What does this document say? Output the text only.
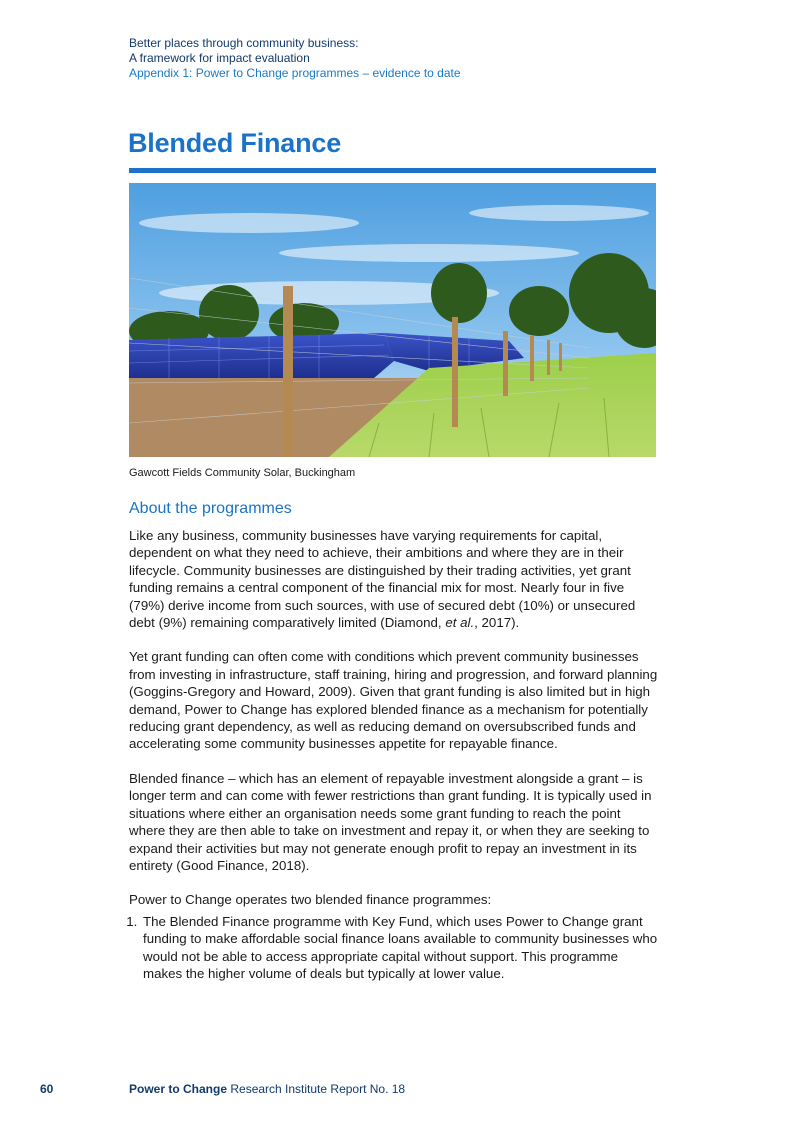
Better places through community business:
A framework for impact evaluation
Appendix 1: Power to Change programmes – evidence to date
Blended Finance
Gawcott Fields Community Solar, Buckingham
About the programmes

Like any business, community businesses have varying requirements for capital, dependent on what they need to achieve, their ambitions and where they are in their lifecycle. Community businesses are distinguished by their trading activities, yet grant funding remains a central component of the financial mix for most. Nearly four in five (79%) derive income from such sources, with use of secured debt (10%) or unsecured debt (9%) remaining comparatively limited (Diamond, et al., 2017).

Yet grant funding can often come with conditions which prevent community businesses from investing in infrastructure, staff training, hiring and progression, and forward planning (Goggins-Gregory and Howard, 2009). Given that grant funding is also limited but in high demand, Power to Change has explored blended finance as a mechanism for potentially reducing grant dependency, as well as reducing demand on oversubscribed funds and accelerating some community businesses appetite for repayable finance.

Blended finance – which has an element of repayable investment alongside a grant – is longer term and can come with fewer restrictions than grant funding. It is typically used in situations where either an organisation needs some grant funding to reach the point where they are then able to take on investment and repay it, or when they are seeking to expand their activities but may not generate enough profit to repay an investment in its entirety (Good Finance, 2018).

Power to Change operates two blended finance programmes:

1. The Blended Finance programme with Key Fund, which uses Power to Change grant funding to make affordable social finance loans available to community businesses who would not be able to access appropriate capital without support. This programme makes the higher volume of deals but typically at lower value.
60	Power to Change Research Institute Report No. 18
